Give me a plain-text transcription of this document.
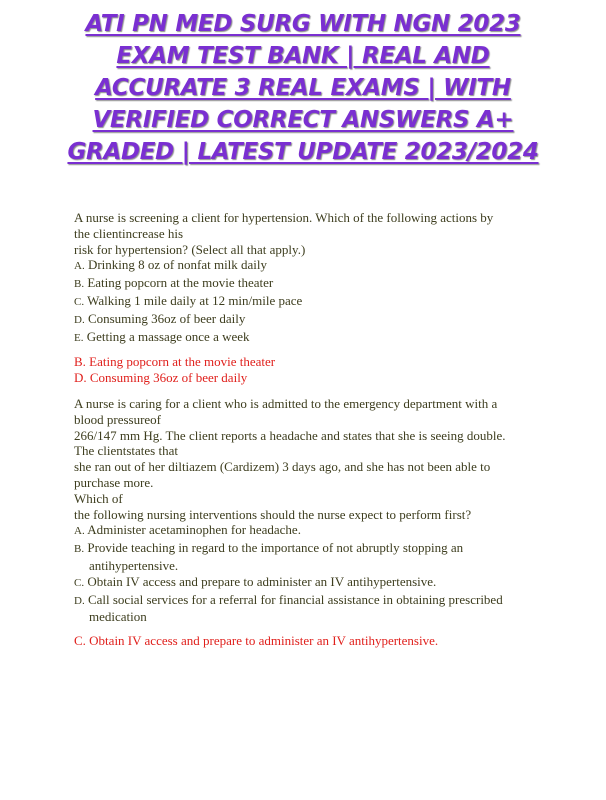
ATI PN MED SURG WITH NGN 2023
EXAM TEST BANK | REAL AND
ACCURATE 3 REAL EXAMS | WITH
VERIFIED CORRECT ANSWERS A+
GRADED | LATEST UPDATE 2023/2024
A nurse is screening a client for hypertension. Which of the following actions by
the clientincrease his
risk for hypertension? (Select all that apply.)
A. Drinking 8 oz of nonfat milk daily
B. Eating popcorn at the movie theater
C. Walking 1 mile daily at 12 min/mile pace
D. Consuming 36oz of beer daily
E. Getting a massage once a week
B. Eating popcorn at the movie theater
D. Consuming 36oz of beer daily
A nurse is caring for a client who is admitted to the emergency department with a
blood pressureof
266/147 mm Hg. The client reports a headache and states that she is seeing double.
The clientstates that
she ran out of her diltiazem (Cardizem) 3 days ago, and she has not been able to
purchase more.
Which of
the following nursing interventions should the nurse expect to perform first?
A. Administer acetaminophen for headache.
B. Provide teaching in regard to the importance of not abruptly stopping an antihypertensive.
C. Obtain IV access and prepare to administer an IV antihypertensive.
D. Call social services for a referral for financial assistance in obtaining prescribed medication
C. Obtain IV access and prepare to administer an IV antihypertensive.
